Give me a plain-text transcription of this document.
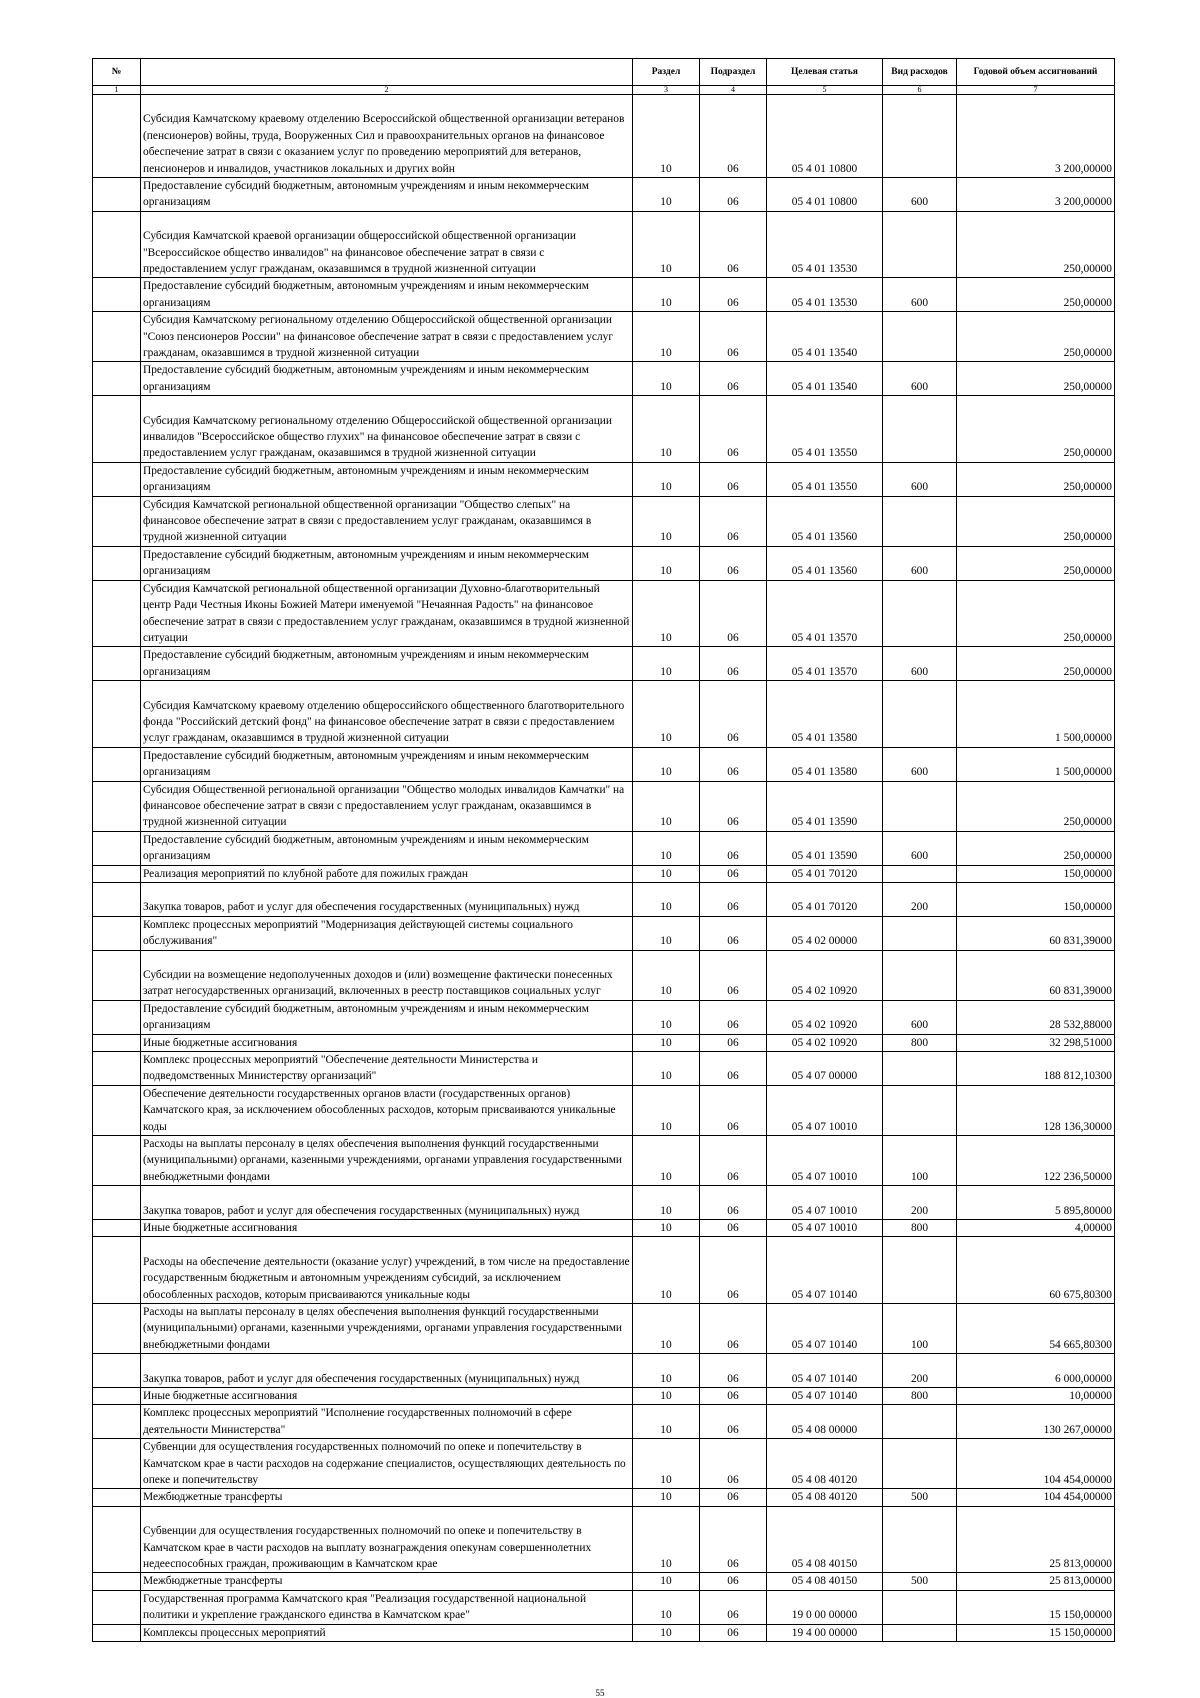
№		Раздел	Подраздел	Целевая статья	Вид расходов	Годовой объем ассигнований
1	2	3	4	5	6	7
	Субсидия Камчатскому краевому отделению Всероссийской общественной организации ветеранов (пенсионеров) войны, труда, Вооруженных Сил и правоохранительных органов на финансовое обеспечение затрат в связи с оказанием услуг по проведению мероприятий для ветеранов, пенсионеров и инвалидов, участников локальных и других войн	10	06	05 4 01 10800		3 200,00000
	Предоставление субсидий бюджетным, автономным учреждениям и иным некоммерческим организациям	10	06	05 4 01 10800	600	3 200,00000
	Субсидия Камчатской краевой организации общероссийской общественной организации "Всероссийское общество инвалидов" на финансовое обеспечение затрат в связи с предоставлением услуг гражданам, оказавшимся в трудной жизненной ситуации	10	06	05 4 01 13530		250,00000
	Предоставление субсидий бюджетным, автономным учреждениям и иным некоммерческим организациям	10	06	05 4 01 13530	600	250,00000
	Субсидия Камчатскому региональному отделению Общероссийской общественной организации "Союз пенсионеров России" на финансовое обеспечение затрат в связи с предоставлением услуг гражданам, оказавшимся в трудной жизненной ситуации	10	06	05 4 01 13540		250,00000
	Предоставление субсидий бюджетным, автономным учреждениям и иным некоммерческим организациям	10	06	05 4 01 13540	600	250,00000
	Субсидия Камчатскому региональному отделению Общероссийской общественной организации инвалидов "Всероссийское общество глухих" на финансовое обеспечение затрат в связи с предоставлением услуг гражданам, оказавшимся в трудной жизненной ситуации	10	06	05 4 01 13550		250,00000
	Предоставление субсидий бюджетным, автономным учреждениям и иным некоммерческим организациям	10	06	05 4 01 13550	600	250,00000
	Субсидия Камчатской региональной общественной организации "Общество слепых" на финансовое обеспечение затрат в связи с предоставлением услуг гражданам, оказавшимся в трудной жизненной ситуации	10	06	05 4 01 13560		250,00000
	Предоставление субсидий бюджетным, автономным учреждениям и иным некоммерческим организациям	10	06	05 4 01 13560	600	250,00000
	Субсидия Камчатской региональной общественной организации Духовно-благотворительный центр Ради Честныя Иконы Божией Матери именуемой "Нечаянная Радость" на финансовое обеспечение затрат в связи с предоставлением услуг гражданам, оказавшимся в трудной жизненной ситуации	10	06	05 4 01 13570		250,00000
	Предоставление субсидий бюджетным, автономным учреждениям и иным некоммерческим организациям	10	06	05 4 01 13570	600	250,00000
	Субсидия Камчатскому краевому отделению общероссийского общественного благотворительного фонда "Российский детский фонд" на финансовое обеспечение затрат в связи с предоставлением услуг гражданам, оказавшимся в трудной жизненной ситуации	10	06	05 4 01 13580		1 500,00000
	Предоставление субсидий бюджетным, автономным учреждениям и иным некоммерческим организациям	10	06	05 4 01 13580	600	1 500,00000
	Субсидия Общественной региональной организации "Общество молодых инвалидов Камчатки" на финансовое обеспечение затрат в связи с предоставлением услуг гражданам, оказавшимся в трудной жизненной ситуации	10	06	05 4 01 13590		250,00000
	Предоставление субсидий бюджетным, автономным учреждениям и иным некоммерческим организациям	10	06	05 4 01 13590	600	250,00000
	Реализация мероприятий по клубной работе для пожилых граждан	10	06	05 4 01 70120		150,00000
	Закупка товаров, работ и услуг для обеспечения государственных (муниципальных) нужд	10	06	05 4 01 70120	200	150,00000
	Комплекс процессных мероприятий "Модернизация действующей системы социального обслуживания"	10	06	05 4 02 00000		60 831,39000
	Субсидии на возмещение недополученных доходов и (или) возмещение фактически понесенных затрат негосударственных организаций, включенных в реестр поставщиков социальных услуг	10	06	05 4 02 10920		60 831,39000
	Предоставление субсидий бюджетным, автономным учреждениям и иным некоммерческим организациям	10	06	05 4 02 10920	600	28 532,88000
	Иные бюджетные ассигнования	10	06	05 4 02 10920	800	32 298,51000
	Комплекс процессных мероприятий "Обеспечение деятельности Министерства и подведомственных Министерству организаций"	10	06	05 4 07 00000		188 812,10300
	Обеспечение деятельности государственных органов власти (государственных органов) Камчатского края, за исключением обособленных расходов, которым присваиваются уникальные коды	10	06	05 4 07 10010		128 136,30000
	Расходы на выплаты персоналу в целях обеспечения выполнения функций государственными (муниципальными) органами, казенными учреждениями, органами управления государственными внебюджетными фондами	10	06	05 4 07 10010	100	122 236,50000
	Закупка товаров, работ и услуг для обеспечения государственных (муниципальных) нужд	10	06	05 4 07 10010	200	5 895,80000
	Иные бюджетные ассигнования	10	06	05 4 07 10010	800	4,00000
	Расходы на обеспечение деятельности (оказание услуг) учреждений, в том числе на предоставление государственным бюджетным и автономным учреждениям субсидий, за исключением обособленных расходов, которым присваиваются уникальные коды	10	06	05 4 07 10140		60 675,80300
	Расходы на выплаты персоналу в целях обеспечения выполнения функций государственными (муниципальными) органами, казенными учреждениями, органами управления государственными внебюджетными фондами	10	06	05 4 07 10140	100	54 665,80300
	Закупка товаров, работ и услуг для обеспечения государственных (муниципальных) нужд	10	06	05 4 07 10140	200	6 000,00000
	Иные бюджетные ассигнования	10	06	05 4 07 10140	800	10,00000
	Комплекс процессных мероприятий "Исполнение государственных полномочий в сфере деятельности Министерства"	10	06	05 4 08 00000		130 267,00000
	Субвенции для осуществления государственных полномочий по опеке и попечительству в Камчатском крае в части расходов на содержание специалистов, осуществляющих деятельность по опеке и попечительству	10	06	05 4 08 40120		104 454,00000
	Межбюджетные трансферты	10	06	05 4 08 40120	500	104 454,00000
	Субвенции для осуществления государственных полномочий по опеке и попечительству в Камчатском крае в части расходов на выплату вознаграждения опекунам совершеннолетних недееспособных граждан, проживающим в Камчатском крае	10	06	05 4 08 40150		25 813,00000
	Межбюджетные трансферты	10	06	05 4 08 40150	500	25 813,00000
	Государственная программа Камчатского края "Реализация государственной национальной политики и укрепление гражданского единства в Камчатском крае"	10	06	19 0 00 00000		15 150,00000
	Комплексы процессных мероприятий	10	06	19 4 00 00000		15 150,00000
55
